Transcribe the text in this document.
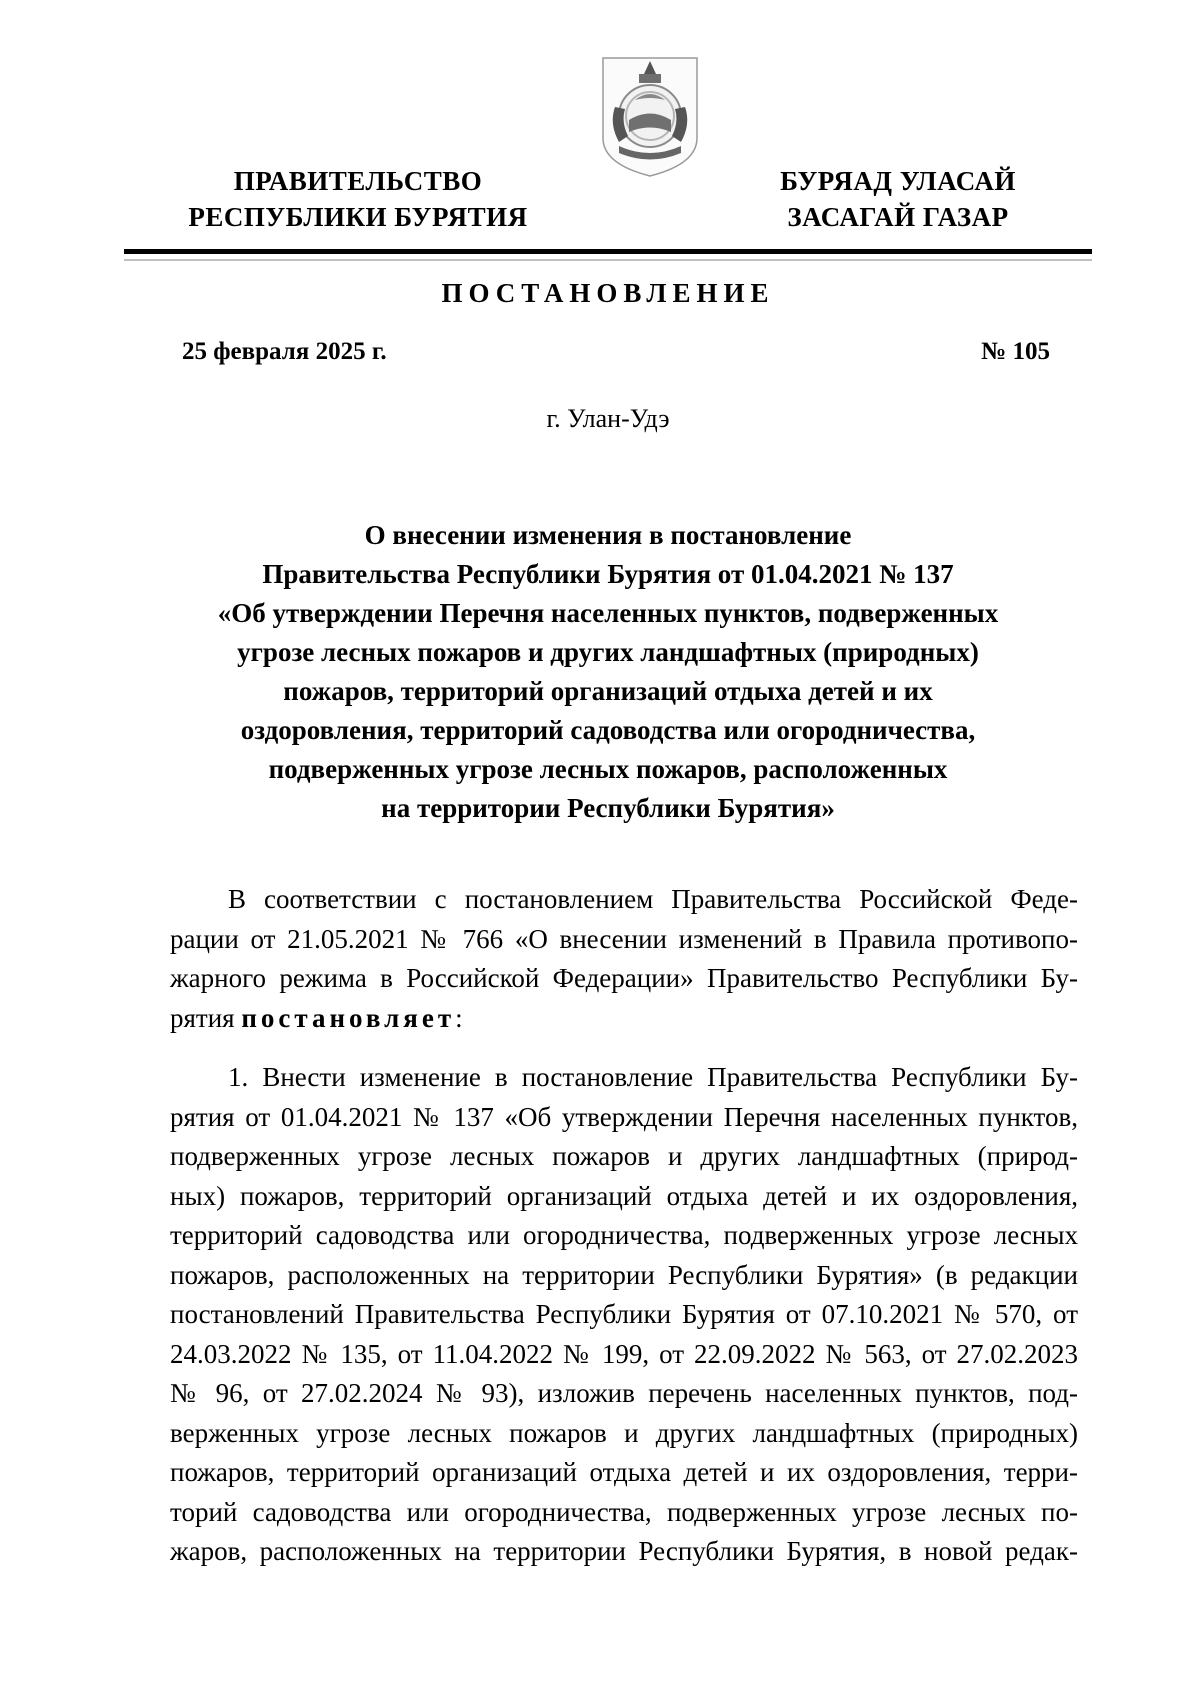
ПРАВИТЕЛЬСТВО
РЕСПУБЛИКИ БУРЯТИЯ
БУРЯАД УЛАСАЙ
ЗАСАГАЙ ГАЗАР
ПОСТАНОВЛЕНИЕ
25 февраля 2025 г.	№ 105
г. Улан-Удэ
О внесении изменения в постановление
Правительства Республики Бурятия от 01.04.2021 № 137
«Об утверждении Перечня населенных пунктов, подверженных
угрозе лесных пожаров и других ландшафтных (природных)
пожаров, территорий организаций отдыха детей и их
оздоровления, территорий садоводства или огородничества,
подверженных угрозе лесных пожаров, расположенных
на территории Республики Бурятия»
В соответствии с постановлением Правительства Российской Феде-
рации от 21.05.2021 № 766 «О внесении изменений в Правила противопо-
жарного режима в Российской Федерации» Правительство Республики Бу-
рятия постановляет:
1. Внести изменение в постановление Правительства Республики Бу-
рятия от 01.04.2021 № 137 «Об утверждении Перечня населенных пунктов,
подверженных угрозе лесных пожаров и других ландшафтных (природ-
ных) пожаров, территорий организаций отдыха детей и их оздоровления,
территорий садоводства или огородничества, подверженных угрозе лесных
пожаров, расположенных на территории Республики Бурятия» (в редакции
постановлений Правительства Республики Бурятия от 07.10.2021 № 570, от
24.03.2022 № 135, от 11.04.2022 № 199, от 22.09.2022 № 563, от 27.02.2023
№ 96, от 27.02.2024 № 93), изложив перечень населенных пунктов, под-
верженных угрозе лесных пожаров и других ландшафтных (природных)
пожаров, территорий организаций отдыха детей и их оздоровления, терри-
торий садоводства или огородничества, подверженных угрозе лесных по-
жаров, расположенных на территории Республики Бурятия, в новой редак-
